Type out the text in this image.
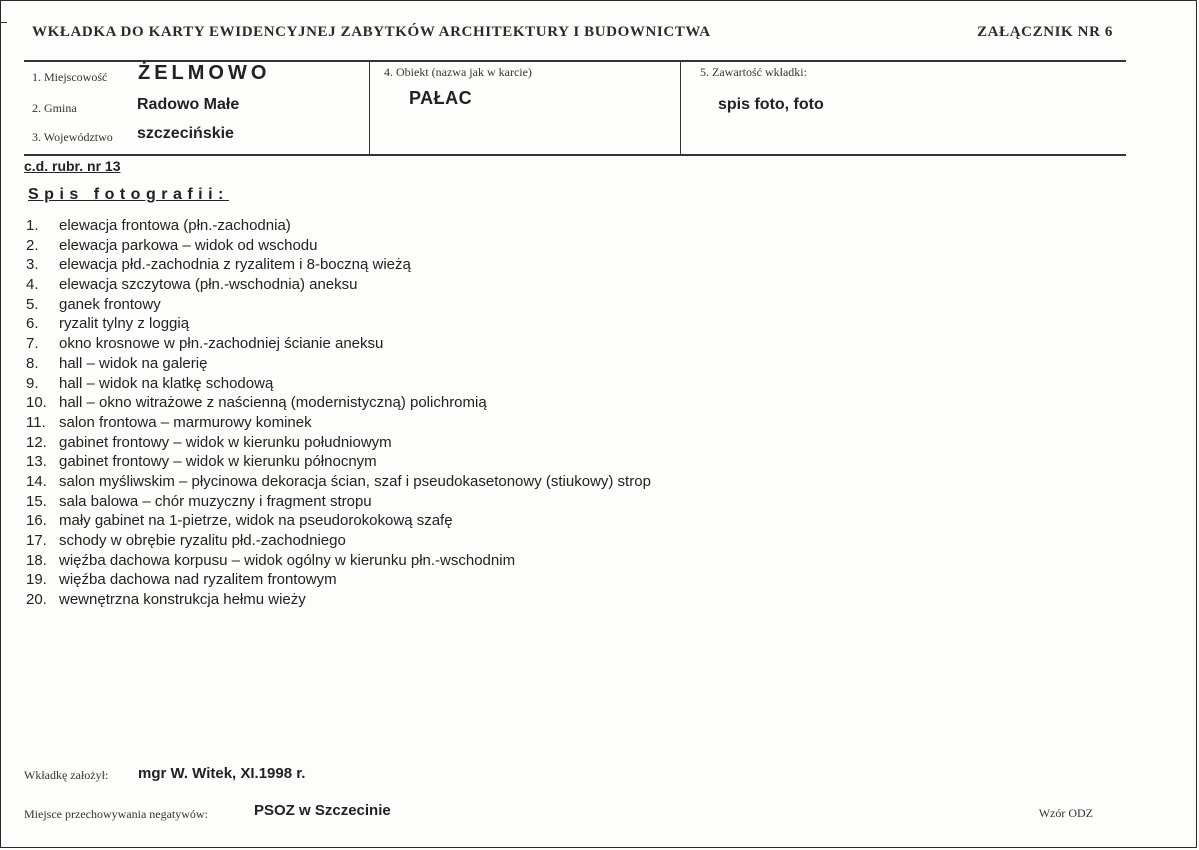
WKŁADKA DO KARTY EWIDENCYJNEJ ZABYTKÓW ARCHITEKTURY I BUDOWNICTWA	ZAŁĄCZNIK NR 6
1. Miejscowość ŻELMOWO
2. Gmina	Radowo Małe
3. Województwo szczecińskie
4. Obiekt (nazwa jak w karcie)
PAŁAC
5. Zawartość wkładki:
spis foto, foto
c.d. rubr. nr 13
Spis fotografii:
1. elewacja frontowa (płn.-zachodnia)
2. elewacja parkowa – widok od wschodu
3. elewacja płd.-zachodnia z ryzalitem i 8-boczną wieżą
4. elewacja szczytowa (płn.-wschodnia) aneksu
5. ganek frontowy
6. ryzalit tylny z loggią
7. okno krosnowe w płn.-zachodniej ścianie aneksu
8. hall – widok na galerię
9. hall – widok na klatkę schodową
10. hall – okno witrażowe z naścienną (modernistyczną) polichromią
11. salon frontowa – marmurowy kominek
12. gabinet frontowy – widok w kierunku południowym
13. gabinet frontowy – widok w kierunku północnym
14. salon myśliwskim – płycinowa dekoracja ścian, szaf i pseudokasetonowy (stiukowy) strop
15. sala balowa – chór muzyczny i fragment stropu
16. mały gabinet na 1-pietrze, widok na pseudorokokową szafę
17. schody w obrębie ryzalitu płd.-zachodniego
18. więźba dachowa korpusu – widok ogólny w kierunku płn.-wschodnim
19. więźba dachowa nad ryzalitem frontowym
20. wewnętrzna konstrukcja hełmu wieży
Wkładkę założył: mgr W. Witek, XI.1998 r.
Miejsce przechowywania negatywów:	PSOZ w Szczecinie	Wzór ODZ
